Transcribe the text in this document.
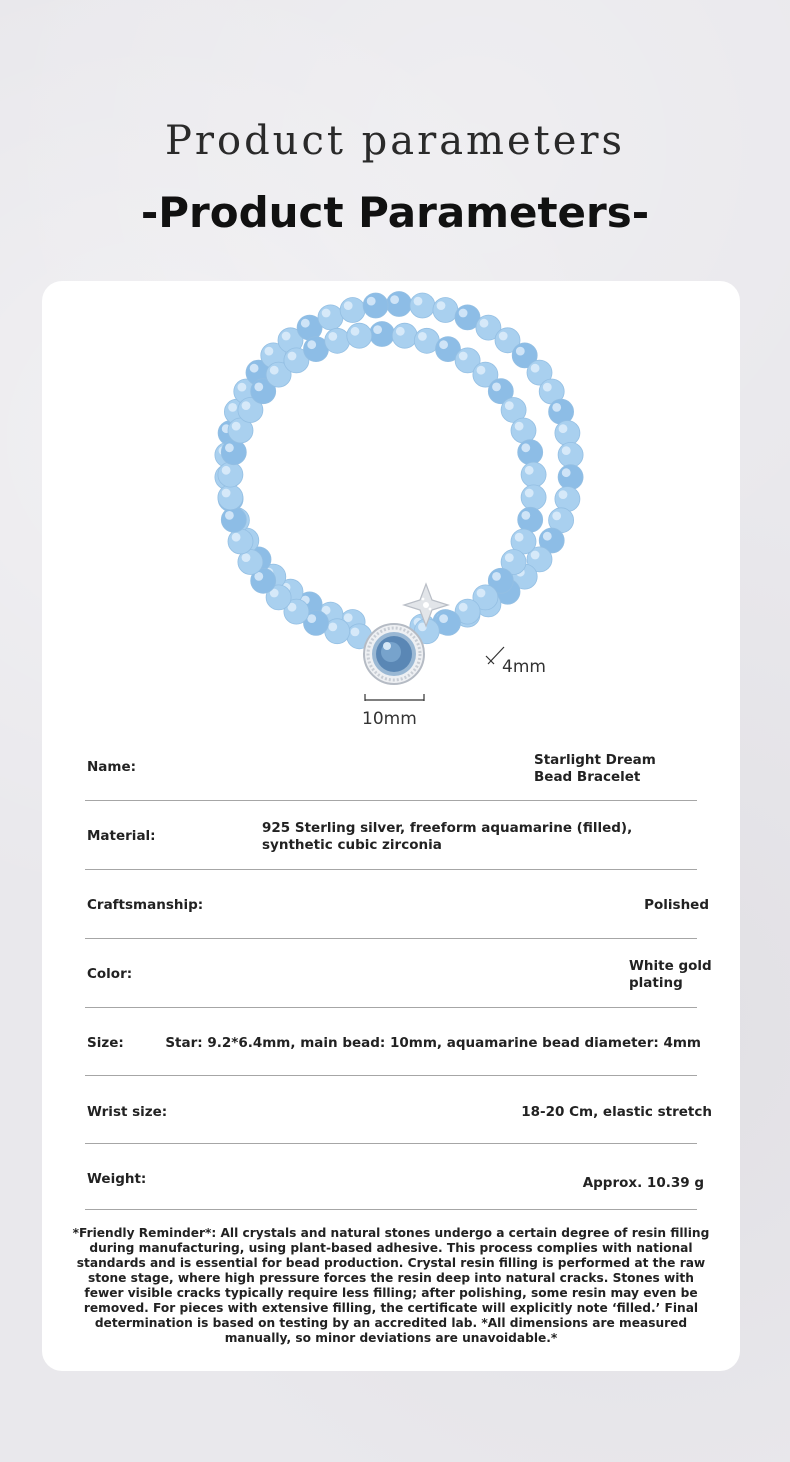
Product parameters
-Product Parameters-
4mm
10mm
Name:	Starlight Dream Bead Bracelet
Material:	925 Sterling silver, freeform aquamarine (filled), synthetic cubic zirconia
Craftsmanship:	Polished
Color:	White gold plating
Size:	Star: 9.2*6.4mm, main bead: 10mm, aquamarine bead diameter: 4mm
Wrist size:	18-20 Cm, elastic stretch
Weight:	Approx. 10.39 g
*Friendly Reminder*: All crystals and natural stones undergo a certain degree of resin filling during manufacturing, using plant-based adhesive. This process complies with national standards and is essential for bead production. Crystal resin filling is performed at the raw stone stage, where high pressure forces the resin deep into natural cracks. Stones with fewer visible cracks typically require less filling; after polishing, some resin may even be removed. For pieces with extensive filling, the certificate will explicitly note ‘filled.’ Final determination is based on testing by an accredited lab. *All dimensions are measured manually, so minor deviations are unavoidable.*
